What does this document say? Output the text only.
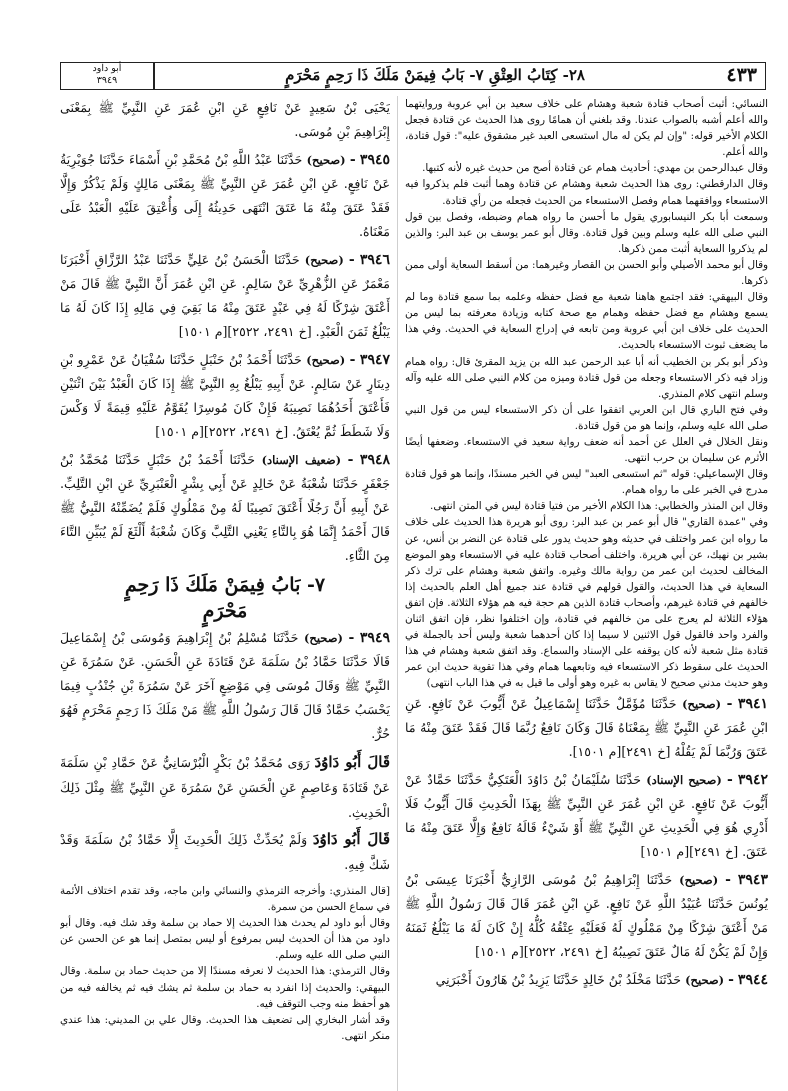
٤٣٣
٢٨- كِتَابُ العِتْقِ ٧- بَابُ فِيمَنْ مَلَكَ ذَا رَحِمٍ مَحْرَمٍ
أبو داود
٣٩٤٩

النسائي: أثبت أصحاب قتادة شعبة وهشام على خلاف سعيد بن أبي عروبة وروايتهما والله أعلم أشبه بالصواب عندنا. وقد بلغني أن همامًا روى هذا الحديث عن قتادة فجعل الكلام الأخير قوله: "وإن لم يكن له مال استسعى العبد غير مشقوق عليه": قول قتادة، والله أعلم.

وقال عبدالرحمن بن مهدي: أحاديث همام عن قتادة أصح من حديث غيره لأنه كتبها.

وقال الدارقطني: روى هذا الحديث شعبة وهشام عن قتادة وهما أثبت فلم يذكروا فيه الاستسعاء ووافقهما همام وفصل الاستسعاء من الحديث فجعله من رأي قتادة.

وسمعت أبا بكر النيسابوري يقول ما أحسن ما رواه همام وضبطه، وفصل بين قول النبي صلى الله عليه وسلم وبين قول قتادة. وقال أبو عمر يوسف بن عبد البر: والذين لم يذكروا السعاية أثبت ممن ذكرها.

وقال أبو محمد الأصيلي وأبو الحسن بن القصار وغيرهما: من أسقط السعاية أولى ممن ذكرها.

وقال البيهقي: فقد اجتمع هاهنا شعبة مع فضل حفظه وعلمه بما سمع قتادة وما لم يسمع وهشام مع فضل حفظه وهمام مع صحة كتابه وزيادة معرفته بما ليس من الحديث على خلاف ابن أبي عروبة ومن تابعه في إدراج السعاية في الحديث. وفي هذا ما يضعف ثبوت الاستسعاء بالحديث.

وذكر أبو بكر بن الخطيب أنه أبا عبد الرحمن عبد الله بن يزيد المقرئ قال: رواه همام وزاد فيه ذكر الاستسعاء وجعله من قول قتادة وميزه من كلام النبي صلى الله عليه وآله وسلم انتهى كلام المنذري.

وفي فتح الباري قال ابن العربي اتفقوا على أن ذكر الاستسعاء ليس من قول النبي صلى الله عليه وسلم، وإنما هو من قول قتادة.

ونقل الخلال في العلل عن أحمد أنه ضعف رواية سعيد في الاستسعاء. وضعفها أيضًا الأثرم عن سليمان بن حرب انتهى.

وقال الإسماعيلي: قوله "ثم استسعى العبد" ليس في الخبر مسندًا، وإنما هو قول قتادة مدرج في الخبر على ما رواه همام.

وقال ابن المنذر والخطابي: هذا الكلام الأخير من فتيا قتادة ليس في المتن انتهى.

وفي "عمدة القاري" قال أبو عمر بن عبد البر: روى أبو هريرة هذا الحديث على خلاف ما رواه ابن عمر واختلف في حديثه وهو حديث يدور على قتادة عن النضر بن أنس، عن بشير بن نهيك، عن أبي هريرة. واختلف أصحاب قتادة عليه في الاستسعاء وهو الموضع المخالف لحديث ابن عمر من رواية مالك وغيره. واتفق شعبة وهشام على ترك ذكر السعاية في هذا الحديث، والقول قولهم في قتادة عند جميع أهل العلم بالحديث إذا خالفهم في قتادة غيرهم، وأصحاب قتادة الذين هم حجة فيه هم هؤلاء الثلاثة. فإن اتفق هؤلاء الثلاثة لم يعرج على من خالفهم في قتادة، وإن اختلفوا نظر، فإن اتفق اثنان والفرد واحد فالقول قول الاثنين لا سيما إذا كان أحدهما شعبة وليس أحد بالجملة في قتادة مثل شعبة لأنه كان يوقفه على الإسناد والسماع. وقد اتفق شعبة وهشام في هذا الحديث على سقوط ذكر الاستسعاء فيه وتابعهما همام وفي هذا تقوية حديث ابن عمر وهو حديث مدني صحيح لا يقاس به غيره وهو أولى ما قيل به في هذا الباب انتهى)

٣٩٤١ - (صحيح) حَدَّثَنَا مُؤَمَّلٌ حَدَّثَنَا إِسْمَاعِيلُ عَنْ أَيُّوبَ عَنْ نَافِعٍ. عَنِ ابْنِ عُمَرَ عَنِ النَّبِيِّ ﷺ بِمَعْنَاهُ قَالَ وَكَانَ نَافِعٌ رُبَّمَا قَالَ فَقَدْ عَتَقَ مِنْهُ مَا عَتَقَ وَرُبَّمَا لَمْ يَقُلْهُ [خ ٢٤٩١][م ١٥٠١].

٣٩٤٢ - (صحيح الإسناد) حَدَّثَنَا سُلَيْمَانُ بْنُ دَاوُدَ الْعَتَكِيُّ حَدَّثَنَا حَمَّادٌ عَنْ أَيُّوبَ عَنْ نَافِعٍ. عَنِ ابْنِ عُمَرَ عَنِ النَّبِيِّ ﷺ بِهَذَا الْحَدِيثِ قَالَ أَيُّوبُ فَلَا أَدْرِي هُوَ فِي الْحَدِيثِ عَنِ النَّبِيِّ ﷺ أَوْ شَيْءٌ قَالَهُ نَافِعٌ وَإِلَّا عَتَقَ مِنْهُ مَا عَتَقَ. [خ ٢٤٩١][م ١٥٠١]

٣٩٤٣ - (صحيح) حَدَّثَنَا إِبْرَاهِيمُ بْنُ مُوسَى الرَّازِيُّ أَخْبَرَنَا عِيسَى بْنُ يُونُسَ حَدَّثَنَا عُبَيْدُ اللَّهِ عَنْ نَافِعٍ. عَنِ ابْنِ عُمَرَ قَالَ قَالَ رَسُولُ اللَّهِ ﷺ مَنْ أَعْتَقَ شِرْكًا مِنْ مَمْلُوكٍ لَهُ فَعَلَيْهِ عِتْقُهُ كُلُّهُ إِنْ كَانَ لَهُ مَا يَبْلُغُ ثَمَنَهُ وَإِنْ لَمْ يَكُنْ لَهُ مَالٌ عَتَقَ نَصِيبُهُ [خ ٢٤٩١، ٢٥٢٢][م ١٥٠١]

٣٩٤٤ - (صحيح) حَدَّثَنَا مَخْلَدُ بْنُ خَالِدٍ حَدَّثَنَا يَزِيدُ بْنُ هَارُونَ أَخْبَرَنِي

يَحْيَى بْنُ سَعِيدٍ عَنْ نَافِعٍ عَنِ ابْنِ عُمَرَ عَنِ النَّبِيِّ ﷺ بِمَعْنَى إِبْرَاهِيمَ بْنِ مُوسَى.

٣٩٤٥ - (صحيح) حَدَّثَنَا عَبْدُ اللَّهِ بْنُ مُحَمَّدِ بْنِ أَسْمَاءَ حَدَّثَنَا جُوَيْرِيَةُ عَنْ نَافِعٍ. عَنِ ابْنِ عُمَرَ عَنِ النَّبِيِّ ﷺ بِمَعْنَى مَالِكٍ وَلَمْ يَذْكُرْ وَإِلَّا فَقَدْ عَتَقَ مِنْهُ مَا عَتَقَ انْتَهَى حَدِيثُهُ إِلَى وَأُعْتِقَ عَلَيْهِ الْعَبْدُ عَلَى مَعْنَاهُ.

٣٩٤٦ - (صحيح) حَدَّثَنَا الْحَسَنُ بْنُ عَلِيٍّ حَدَّثَنَا عَبْدُ الرَّزَّاقِ أَخْبَرَنَا مَعْمَرٌ عَنِ الزُّهْرِيِّ عَنْ سَالِمٍ. عَنِ ابْنِ عُمَرَ أَنَّ النَّبِيَّ ﷺ قَالَ مَنْ أَعْتَقَ شِرْكًا لَهُ فِي عَبْدٍ عَتَقَ مِنْهُ مَا بَقِيَ فِي مَالِهِ إِذَا كَانَ لَهُ مَا يَبْلُغُ ثَمَنَ الْعَبْدِ. [خ ٢٤٩١، ٢٥٢٢][م ١٥٠١]

٣٩٤٧ - (صحيح) حَدَّثَنَا أَحْمَدُ بْنُ حَنْبَلٍ حَدَّثَنَا سُفْيَانُ عَنْ عَمْرِو بْنِ دِينَارٍ عَنْ سَالِمٍ. عَنْ أَبِيهِ يَبْلُغُ بِهِ النَّبِيَّ ﷺ إِذَا كَانَ الْعَبْدُ بَيْنَ اثْنَيْنِ فَأَعْتَقَ أَحَدُهُمَا نَصِيبَهُ فَإِنْ كَانَ مُوسِرًا يُقَوَّمُ عَلَيْهِ قِيمَةً لَا وَكْسَ وَلَا شَطَطَ ثُمَّ يُعْتَقُ. [خ ٢٤٩١، ٢٥٢٢][م ١٥٠١]

٣٩٤٨ - (ضعيف الإسناد) حَدَّثَنَا أَحْمَدُ بْنُ حَنْبَلٍ حَدَّثَنَا مُحَمَّدُ بْنُ جَعْفَرٍ حَدَّثَنَا شُعْبَةُ عَنْ خَالِدٍ عَنْ أَبِي بِشْرٍ الْعَنْبَرِيِّ عَنِ ابْنِ التَّلِبِّ. عَنْ أَبِيهِ أَنَّ رَجُلًا أَعْتَقَ نَصِيبًا لَهُ مِنْ مَمْلُوكٍ فَلَمْ يُضَمِّنْهُ النَّبِيُّ ﷺ قَالَ أَحْمَدُ إِنَّمَا هُوَ بِالتَّاءِ يَعْنِي التَّلِبَّ وَكَانَ شُعْبَةُ أَلْثَغَ لَمْ يُبَيِّنِ التَّاءَ مِنَ الثَّاءِ.

٧- بَابُ فِيمَنْ مَلَكَ ذَا رَحِمٍ
مَحْرَمٍ

٣٩٤٩ - (صحيح) حَدَّثَنَا مُسْلِمُ بْنُ إِبْرَاهِيمَ وَمُوسَى بْنُ إِسْمَاعِيلَ قَالَا حَدَّثَنَا حَمَّادُ بْنُ سَلَمَةَ عَنْ قَتَادَةَ عَنِ الْحَسَنِ. عَنْ سَمُرَةَ عَنِ النَّبِيِّ ﷺ وَقَالَ مُوسَى فِي مَوْضِعٍ آخَرَ عَنْ سَمُرَةَ بْنِ جُنْدُبٍ فِيمَا يَحْسَبُ حَمَّادٌ قَالَ قَالَ رَسُولُ اللَّهِ ﷺ مَنْ مَلَكَ ذَا رَحِمٍ مَحْرَمٍ فَهُوَ حُرٌّ.

قَالَ أَبُو دَاوُدَ رَوَى مُحَمَّدُ بْنُ بَكْرٍ الْبُرْسَانِيُّ عَنْ حَمَّادِ بْنِ سَلَمَةَ عَنْ قَتَادَةَ وَعَاصِمٍ عَنِ الْحَسَنِ عَنْ سَمُرَةَ عَنِ النَّبِيِّ ﷺ مِثْلَ ذَلِكَ الْحَدِيثِ.

قَالَ أَبُو دَاوُدَ وَلَمْ يُحَدِّثْ ذَلِكَ الْحَدِيثَ إِلَّا حَمَّادُ بْنُ سَلَمَةَ وَقَدْ شَكَّ فِيهِ.

[قال المنذري: وأخرجه الترمذي والنسائي وابن ماجه، وقد تقدم اختلاف الأئمة في سماع الحسن من سمرة.

وقال أبو داود لم يحدث هذا الحديث إلا حماد بن سلمة وقد شك فيه. وقال أبو داود من هذا أن الحديث ليس بمرفوع أو ليس بمتصل إنما هو عن الحسن عن النبي صلى الله عليه وسلم.

وقال الترمذي: هذا الحديث لا نعرفه مسندًا إلا من حديث حماد بن سلمة. وقال البيهقي: والحديث إذا انفرد به حماد بن سلمة ثم يشك فيه ثم يخالفه فيه من هو أحفظ منه وجب التوقف فيه.

وقد أشار البخاري إلى تضعيف هذا الحديث. وقال علي بن المديني: هذا عندي منكر انتهى.
